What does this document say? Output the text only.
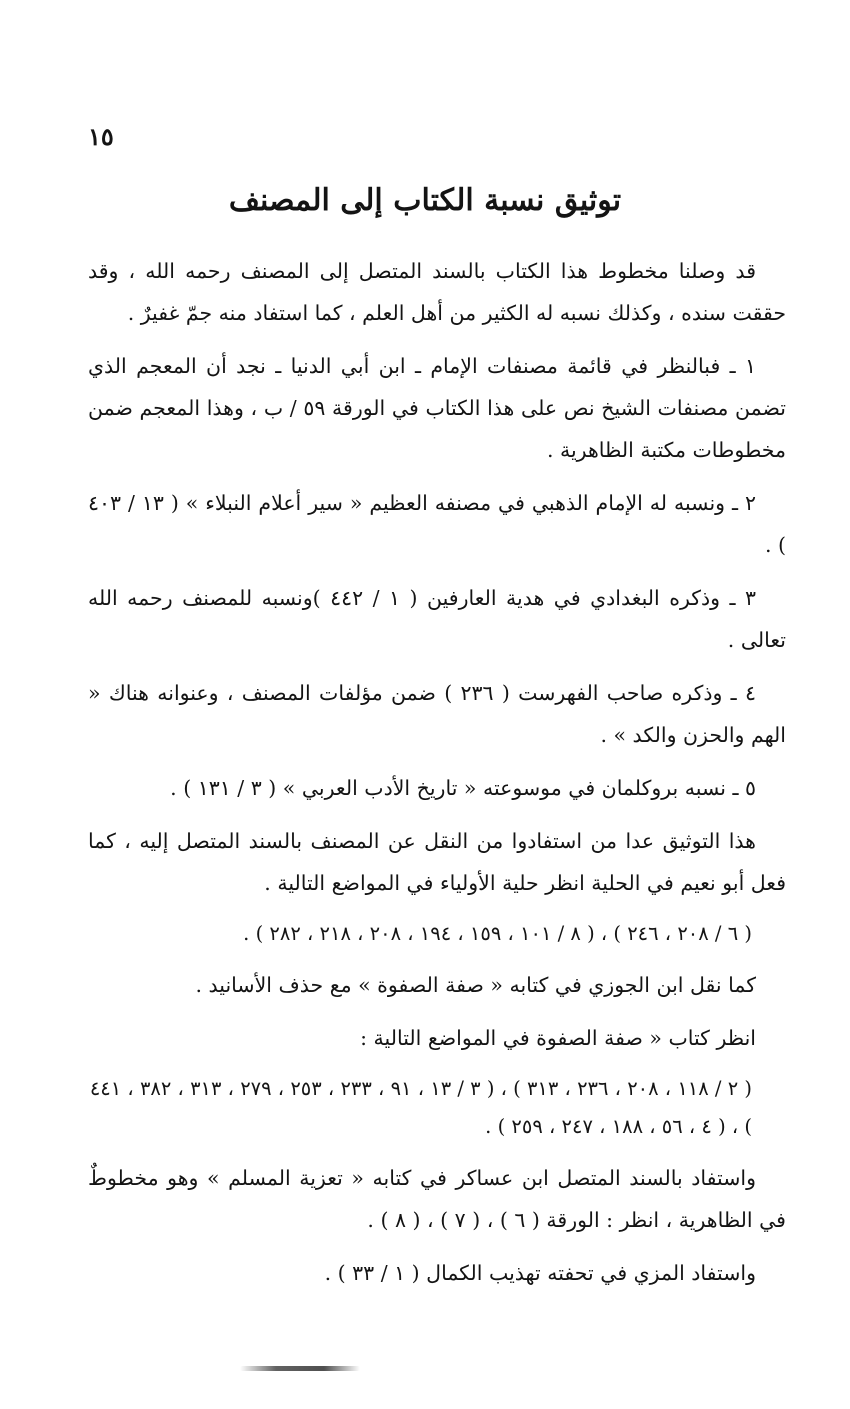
١٥
توثيق نسبة الكتاب إلى المصنف

قد وصلنا مخطوط هذا الكتاب بالسند المتصل إلى المصنف رحمه الله ، وقد حققت سنده ، وكذلك نسبه له الكثير من أهل العلم ، كما استفاد منه جمّ غفيرٌ .

١ ـ فبالنظر في قائمة مصنفات الإمام ـ ابن أبي الدنيا ـ نجد أن المعجم الذي تضمن مصنفات الشيخ نص على هذا الكتاب في الورقة ٥٩ / ب ، وهذا المعجم ضمن مخطوطات مكتبة الظاهرية .

٢ ـ ونسبه له الإمام الذهبي في مصنفه العظيم « سير أعلام النبلاء » ( ١٣ / ٤٠٣ ) .

٣ ـ وذكره البغدادي في هدية العارفين ( ١ / ٤٤٢ )ونسبه للمصنف رحمه الله تعالى .

٤ ـ وذكره صاحب الفهرست ( ٢٣٦ ) ضمن مؤلفات المصنف ، وعنوانه هناك « الهم والحزن والكد » .

٥ ـ نسبه بروكلمان في موسوعته « تاريخ الأدب العربي » ( ٣ / ١٣١ ) .

هذا التوثيق عدا من استفادوا من النقل عن المصنف بالسند المتصل إليه ، كما فعل أبو نعيم في الحلية انظر حلية الأولياء في المواضع التالية .

( ٦ / ٢٠٨ ، ٢٤٦ ) ، ( ٨ / ١٠١ ، ١٥٩ ، ١٩٤ ، ٢٠٨ ، ٢١٨ ، ٢٨٢ ) .

كما نقل ابن الجوزي في كتابه « صفة الصفوة » مع حذف الأسانيد .

انظر كتاب « صفة الصفوة في المواضع التالية :

( ٢ / ١١٨ ، ٢٠٨ ، ٢٣٦ ، ٣١٣ ) ، ( ٣ / ١٣ ، ٩١ ، ٢٣٣ ، ٢٥٣ ، ٢٧٩ ، ٣١٣ ، ٣٨٢ ، ٤٤١ ) ، ( ٤ ، ٥٦ ، ١٨٨ ، ٢٤٧ ، ٢٥٩ ) .

واستفاد بالسند المتصل ابن عساكر في كتابه « تعزية المسلم » وهو مخطوطٌ في الظاهرية ، انظر : الورقة ( ٦ ) ، ( ٧ ) ، ( ٨ ) .

واستفاد المزي في تحفته تهذيب الكمال ( ١ / ٣٣ ) .
